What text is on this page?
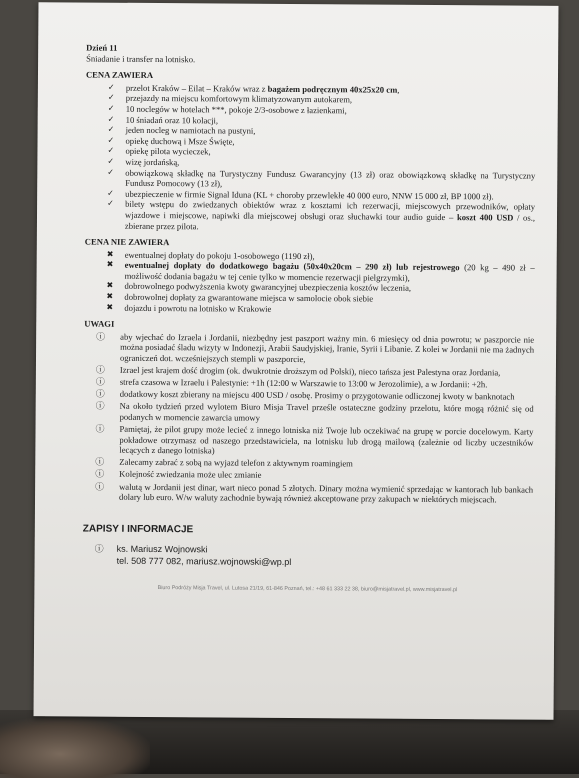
Dzień 11
Śniadanie i transfer na lotnisko.
CENA ZAWIERA
✓ przelot Kraków – Eilat – Kraków wraz z bagażem podręcznym 40x25x20 cm,
✓ przejazdy na miejscu komfortowym klimatyzowanym autokarem,
✓ 10 noclegów w hotelach ***, pokoje 2/3-osobowe z łazienkami,
✓ 10 śniadań oraz 10 kolacji,
✓ jeden nocleg w namiotach na pustyni,
✓ opiekę duchową i Msze Święte,
✓ opiekę pilota wycieczek,
✓ wizę jordańską,
✓ obowiązkową składkę na Turystyczny Fundusz Gwarancyjny (13 zł) oraz obowiązkową składkę na Turystyczny Fundusz Pomocowy (13 zł),
✓ ubezpieczenie w firmie Signal Iduna (KL + choroby przewlekłe 40 000 euro, NNW 15 000 zł, BP 1000 zł).
✓ bilety wstępu do zwiedzanych obiektów wraz z kosztami ich rezerwacji, miejscowych przewodników, opłaty wjazdowe i miejscowe, napiwki dla miejscowej obsługi oraz słuchawki tour audio guide – koszt 400 USD / os., zbierane przez pilota.
CENA NIE ZAWIERA
✖ ewentualnej dopłaty do pokoju 1-osobowego (1190 zł),
✖ ewentualnej dopłaty do dodatkowego bagażu (50x40x20cm – 290 zł) lub rejestrowego (20 kg – 490 zł – możliwość dodania bagażu w tej cenie tylko w momencie rezerwacji pielgrzymki),
✖ dobrowolnego podwyższenia kwoty gwarancyjnej ubezpieczenia kosztów leczenia,
✖ dobrowolnej dopłaty za gwarantowane miejsca w samolocie obok siebie
✖ dojazdu i powrotu na lotnisko w Krakowie
UWAGI
ⓘ aby wjechać do Izraela i Jordanii, niezbędny jest paszport ważny min. 6 miesięcy od dnia powrotu; w paszporcie nie można posiadać śladu wizyty w Indonezji, Arabii Saudyjskiej, Iranie, Syrii i Libanie. Z kolei w Jordanii nie ma żadnych ograniczeń dot. wcześniejszych stempli w paszporcie,
ⓘ Izrael jest krajem dość drogim (ok. dwukrotnie droższym od Polski), nieco tańsza jest Palestyna oraz Jordania,
ⓘ strefa czasowa w Izraelu i Palestynie: +1h (12:00 w Warszawie to 13:00 w Jerozolimie), a w Jordanii: +2h.
ⓘ dodatkowy koszt zbierany na miejscu 400 USD / osobę. Prosimy o przygotowanie odliczonej kwoty w banknotach
ⓘ Na około tydzień przed wylotem Biuro Misja Travel prześle ostateczne godziny przelotu, które mogą różnić się od podanych w momencie zawarcia umowy
ⓘ Pamiętaj, że pilot grupy może lecieć z innego lotniska niż Twoje lub oczekiwać na grupę w porcie docelowym. Karty pokładowe otrzymasz od naszego przedstawiciela, na lotnisku lub drogą mailową (zależnie od liczby uczestników lecących z danego lotniska)
ⓘ Zalecamy zabrać z sobą na wyjazd telefon z aktywnym roamingiem
ⓘ Kolejność zwiedzania może ulec zmianie
ⓘ walutą w Jordanii jest dinar, wart nieco ponad 5 złotych. Dinary można wymienić sprzedając w kantorach lub bankach dolary lub euro. W/w waluty zachodnie bywają również akceptowane przy zakupach w niektórych miejscach.
ZAPISY I INFORMACJE
ⓘ ks. Mariusz Wojnowski
tel. 508 777 082, mariusz.wojnowski@wp.pl
Biuro Podróży Misja Travel, ul. Lutosa 21/19, 61-846 Poznań, tel.: +48 61 333 22 38, biuro@misjatravel.pl, www.misjatravel.pl
